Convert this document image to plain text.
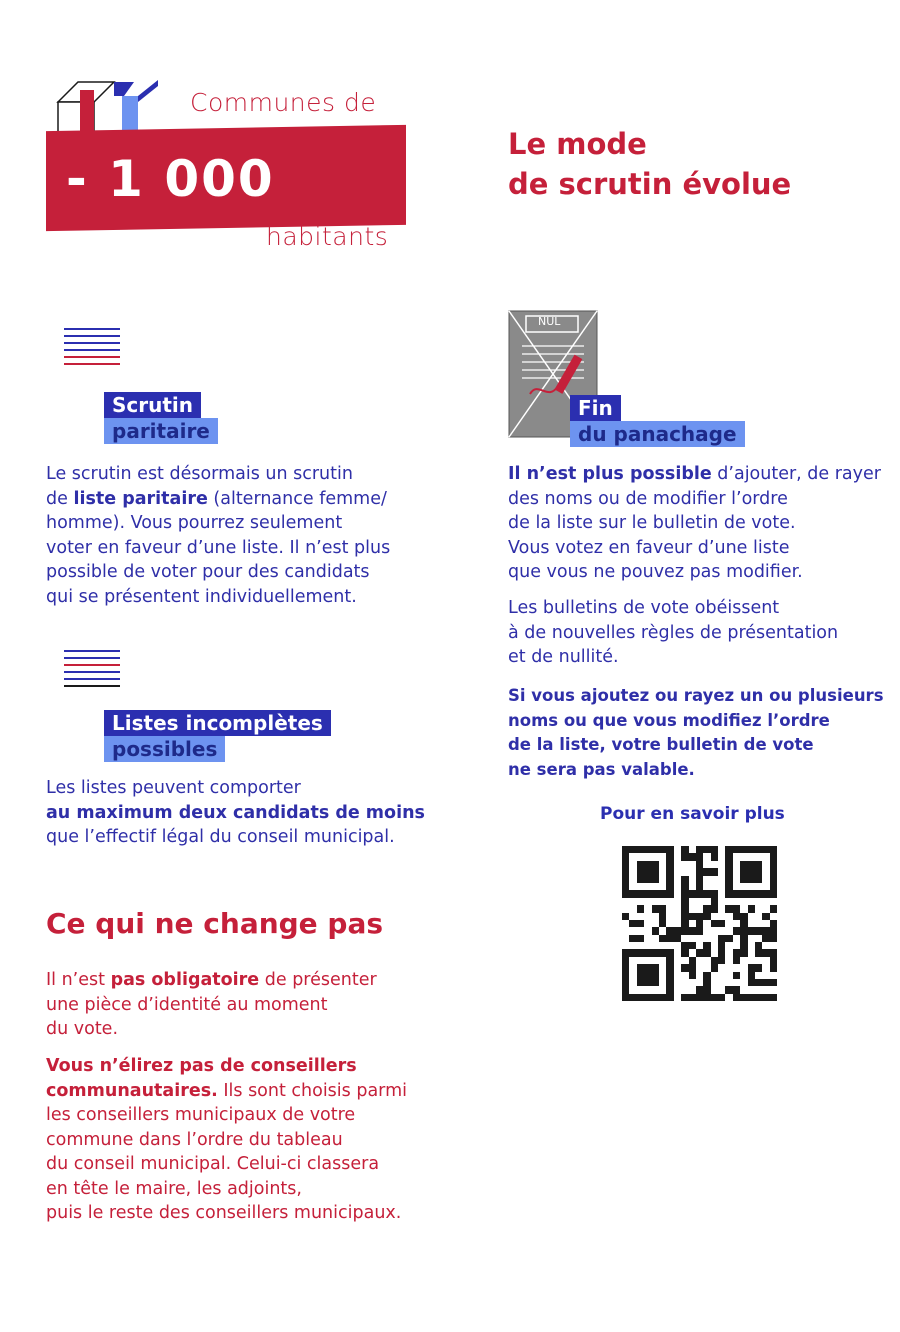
Communes de
- 1 000
habitants
Le mode
de scrutin évolue
Scrutin
paritaire
Le scrutin est désormais un scrutin
de liste paritaire (alternance femme/
homme). Vous pourrez seulement
voter en faveur d’une liste. Il n’est plus
possible de voter pour des candidats
qui se présentent individuellement.
Listes incomplètes
possibles
Les listes peuvent comporter
au maximum deux candidats de moins
que l’effectif légal du conseil municipal.
Ce qui ne change pas
Il n’est pas obligatoire de présenter
une pièce d’identité au moment
du vote.
Vous n’élirez pas de conseillers
communautaires. Ils sont choisis parmi
les conseillers municipaux de votre
commune dans l’ordre du tableau
du conseil municipal. Celui-ci classera
en tête le maire, les adjoints,
puis le reste des conseillers municipaux.
NUL
Fin
du panachage
Il n’est plus possible d’ajouter, de rayer
des noms ou de modifier l’ordre
de la liste sur le bulletin de vote.
Vous votez en faveur d’une liste
que vous ne pouvez pas modifier.
Les bulletins de vote obéissent
à de nouvelles règles de présentation
et de nullité.
Si vous ajoutez ou rayez un ou plusieurs
noms ou que vous modifiez l’ordre
de la liste, votre bulletin de vote
ne sera pas valable.
Pour en savoir plus
